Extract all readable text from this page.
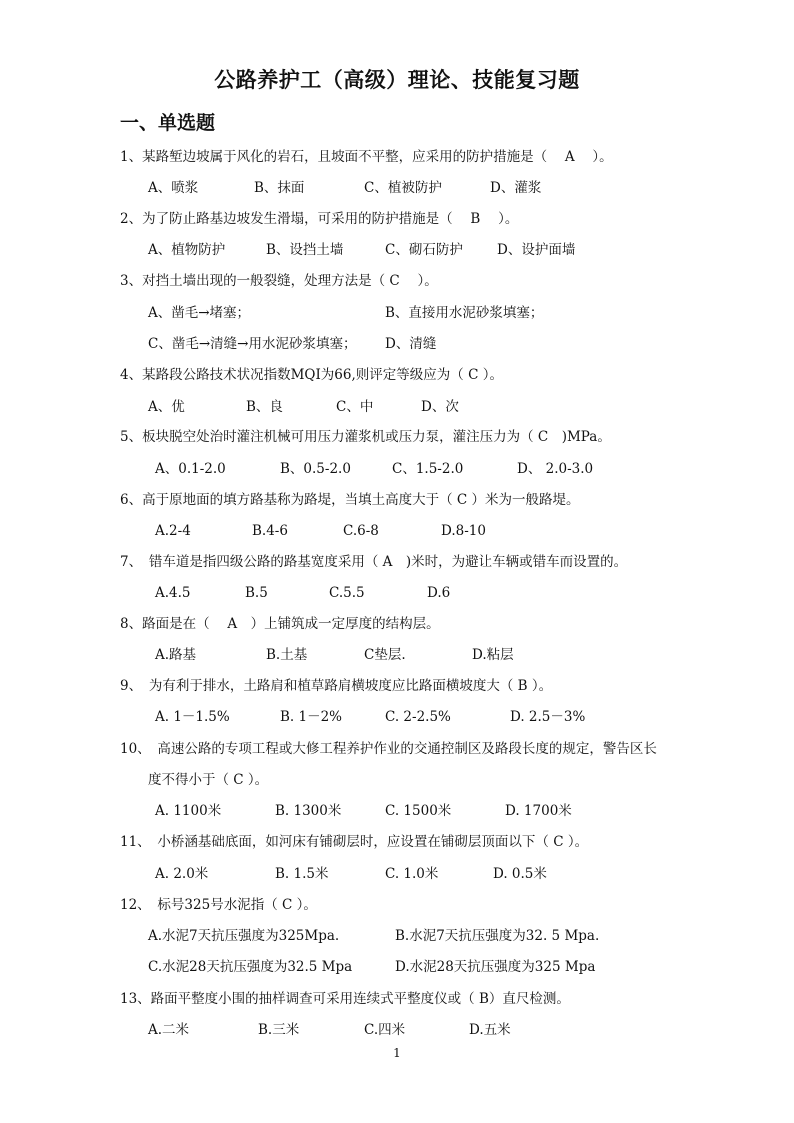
公路养护工（高级）理论、技能复习题
一、单选题
1、某路堑边坡属于风化的岩石，且坡面不平整，应采用的防护措施是（　 A　 ）。
A、喷浆	B、抹面	C、植被防护	D、灌浆
2、为了防止路基边坡发生滑塌，可采用的防护措施是（　 B　 ）。
A、植物防护	B、设挡土墙	C、砌石防护	D、设护面墙
3、对挡土墙出现的一般裂缝，处理方法是（ C　 ）。
A、凿毛→堵塞；	B、直接用水泥砂浆填塞；
C、凿毛→清缝→用水泥砂浆填塞； D、清缝
4、某路段公路技术状况指数MQI为66,则评定等级应为（ C ）。
A、优	B、良	C、中	D、次
5、板块脱空处治时灌注机械可用压力灌浆机或压力泵，灌注压力为（ C　)MPa。
A、0.1-2.0	B、0.5-2.0	C、1.5-2.0	D、 2.0-3.0
6、高于原地面的填方路基称为路堤，当填土高度大于（ C ）米为一般路堤。
A.2-4	B.4-6	C.6-8	D.8-10
7、　错车道是指四级公路的路基宽度采用（ A　)米时，为避让车辆或错车而设置的。
A.4.5	B.5	C.5.5	D.6
8、路面是在（　 A　）上铺筑成一定厚度的结构层。
A.路基	B.土基	C垫层.	D.粘层
9、　为有利于排水，土路肩和植草路肩横坡度应比路面横坡度大（ B ）。
A. 1－1.5%	B. 1－2%	C. 2-2.5%	D. 2.5－3%
10、　高速公路的专项工程或大修工程养护作业的交通控制区及路段长度的规定，警告区长
度不得小于（ C ）。
A. 1100米	B. 1300米	C. 1500米	D. 1700米
11、　小桥涵基础底面，如河床有铺砌层时，应设置在铺砌层顶面以下（ C ）。
A. 2.0米	B. 1.5米	C. 1.0米	D. 0.5米
12、　标号325号水泥指（ C ）。
A.水泥7天抗压强度为325Mpa.	B.水泥7天抗压强度为32. 5 Mpa.
C.水泥28天抗压强度为32.5 Mpa	D.水泥28天抗压强度为325 Mpa
13、路面平整度小围的抽样调查可采用连续式平整度仪或（ B）直尺检测。
A.二米	B.三米	C.四米	D.五米
1
